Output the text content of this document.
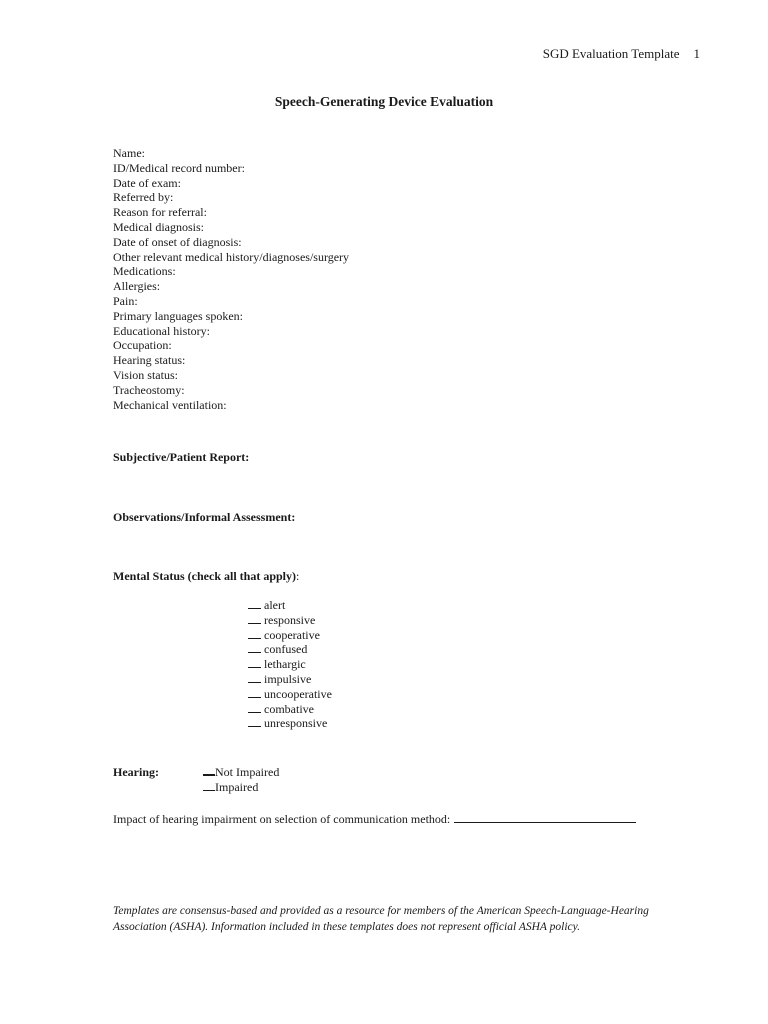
SGD Evaluation Template 1
Speech-Generating Device Evaluation
Name:
ID/Medical record number:
Date of exam:
Referred by:
Reason for referral:
Medical diagnosis:
Date of onset of diagnosis:
Other relevant medical history/diagnoses/surgery
Medications:
Allergies:
Pain:
Primary languages spoken:
Educational history:
Occupation:
Hearing status:
Vision status:
Tracheostomy:
Mechanical ventilation:
Subjective/Patient Report:
Observations/Informal Assessment:
Mental Status (check all that apply):
alert
responsive
cooperative
confused
lethargic
impulsive
uncooperative
combative
unresponsive
Hearing:	Not Impaired
Impaired
Impact of hearing impairment on selection of communication method:
Templates are consensus-based and provided as a resource for members of the American Speech-Language-Hearing Association (ASHA). Information included in these templates does not represent official ASHA policy.
